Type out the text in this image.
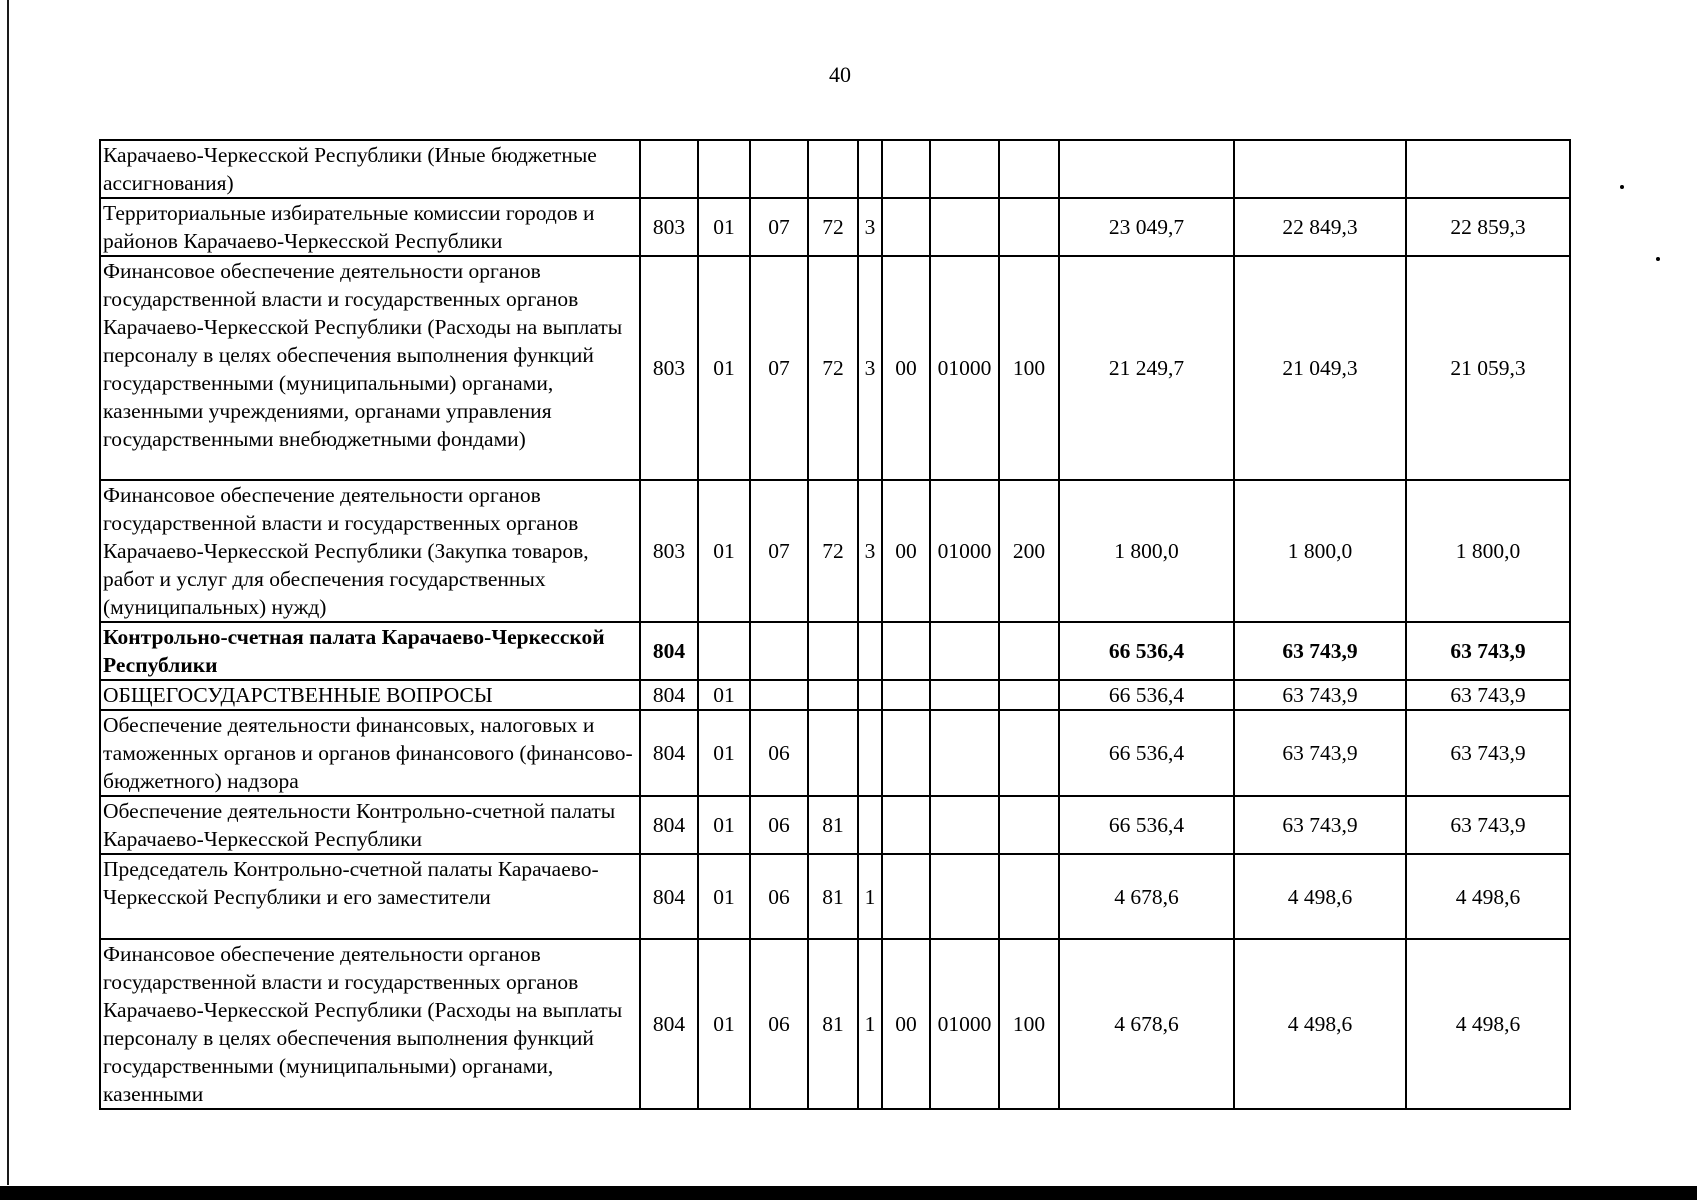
40
Карачаево-Черкесской Республики (Иные бюджетные ассигнования)											
Территориальные избирательные комиссии городов и районов Карачаево-Черкесской Республики	803	01	07	72	3				23 049,7	22 849,3	22 859,3
Финансовое обеспечение деятельности органов государственной власти и государственных органов Карачаево-Черкесской Республики (Расходы на выплаты персоналу в целях обеспечения выполнения функций государственными (муниципальными) органами, казенными учреждениями, органами управления государственными внебюджетными фондами)	803	01	07	72	3	00	01000	100	21 249,7	21 049,3	21 059,3
Финансовое обеспечение деятельности органов государственной власти и государственных органов Карачаево-Черкесской Республики (Закупка товаров, работ и услуг для обеспечения государственных (муниципальных) нужд)	803	01	07	72	3	00	01000	200	1 800,0	1 800,0	1 800,0
Контрольно-счетная палата Карачаево-Черкесской Республики	804								66 536,4	63 743,9	63 743,9
ОБЩЕГОСУДАРСТВЕННЫЕ ВОПРОСЫ	804	01							66 536,4	63 743,9	63 743,9
Обеспечение деятельности финансовых, налоговых и таможенных органов и органов финансового (финансово-бюджетного) надзора	804	01	06						66 536,4	63 743,9	63 743,9
Обеспечение деятельности Контрольно-счетной палаты Карачаево-Черкесской Республики	804	01	06	81					66 536,4	63 743,9	63 743,9
Председатель Контрольно-счетной палаты Карачаево-Черкесской Республики и его заместители	804	01	06	81	1				4 678,6	4 498,6	4 498,6
Финансовое обеспечение деятельности органов государственной власти и государственных органов Карачаево-Черкесской Республики (Расходы на выплаты персоналу в целях обеспечения выполнения функций государственными (муниципальными) органами, казенными	804	01	06	81	1	00	01000	100	4 678,6	4 498,6	4 498,6
